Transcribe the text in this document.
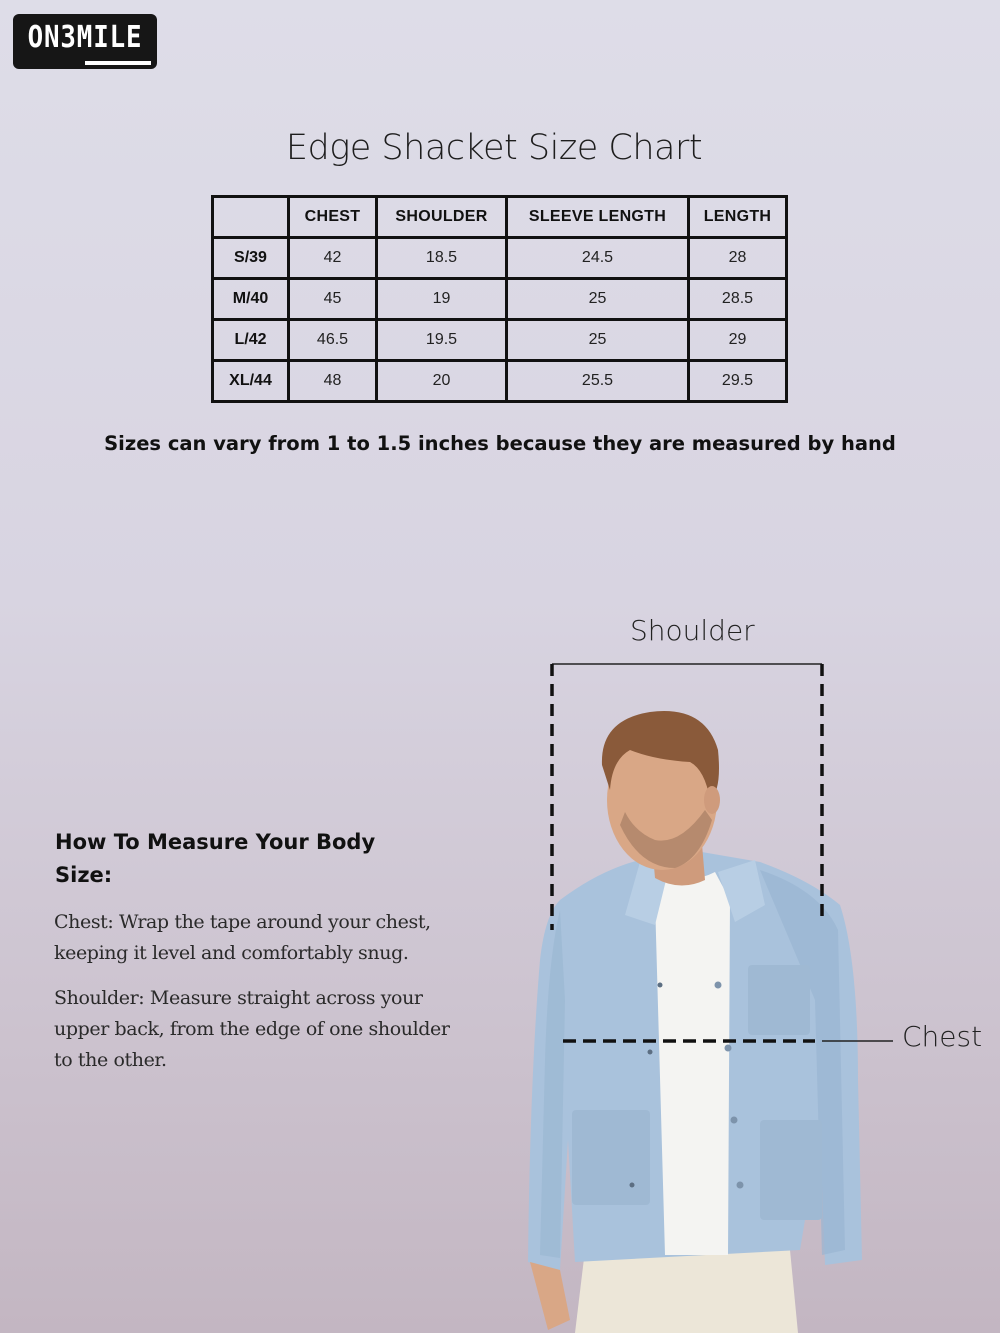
ON3MILE
Edge Shacket Size Chart
	CHEST	SHOULDER	SLEEVE LENGTH	LENGTH
S/39	42	18.5	24.5	28
M/40	45	19	25	28.5
L/42	46.5	19.5	25	29
XL/44	48	20	25.5	29.5
Sizes can vary from 1 to 1.5 inches because they are measured by hand
How To Measure Your Body Size:
Chest: Wrap the tape around your chest, keeping it level and comfortably snug.
Shoulder: Measure straight across your upper back, from the edge of one shoulder to the other.
Shoulder
Chest
